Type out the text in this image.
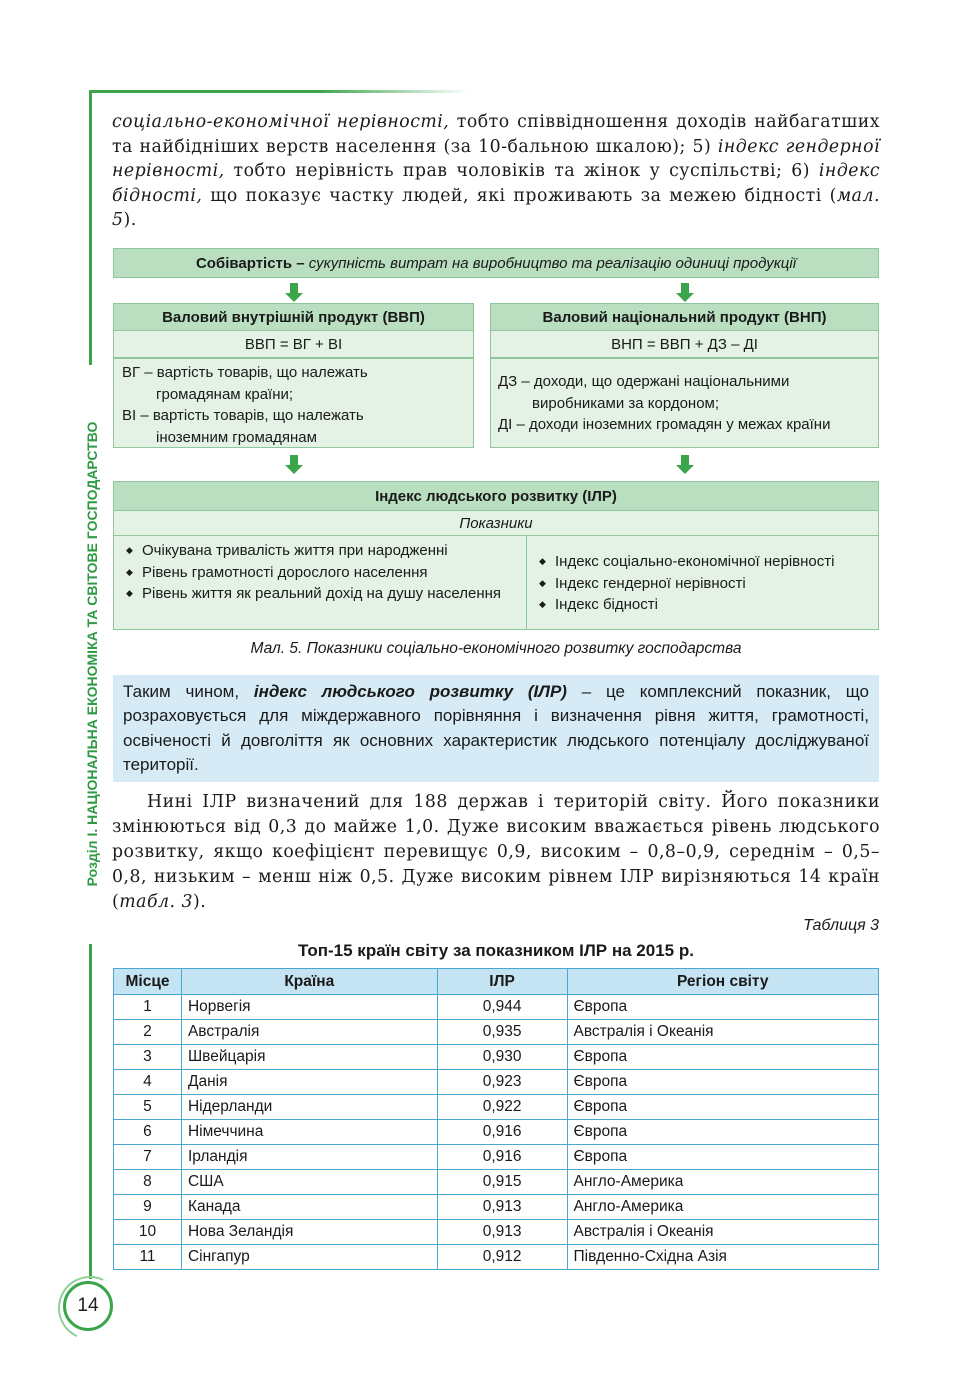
Розділ I. НАЦІОНАЛЬНА ЕКОНОМІКА ТА СВІТОВЕ ГОСПОДАРСТВО
14
соціально-економічної нерівності, тобто співвідношення доходів найбагатших та найбідніших верств населення (за 10-бальною шкалою); 5) індекс гендерної нерівності, тобто нерівність прав чоловіків та жінок у суспільстві; 6) індекс бідності, що показує частку людей, які проживають за межею бідності (мал. 5).
Собівартість – сукупність витрат на виробництво та реалізацію одиниці продукції
Валовий внутрішній продукт (ВВП)
ВВП = ВГ + ВІ
ВГ – вартість товарів, що належать
громадянам країни;
ВІ – вартість товарів, що належать
іноземним громадянам
Валовий національний продукт (ВНП)
ВНП = ВВП + ДЗ – ДІ
ДЗ – доходи, що одержані національними
виробниками за кордоном;
ДІ – доходи іноземних громадян у межах країни
Індекс людського розвитку (ІЛР)
Показники
◆ Очікувана тривалість життя при народженні
◆ Рівень грамотності дорослого населення
◆ Рівень життя як реальний дохід на душу населення
◆ Індекс соціально-економічної нерівності
◆ Індекс гендерної нерівності
◆ Індекс бідності
Мал. 5. Показники соціально-економічного розвитку господарства
Таким чином, індекс людського розвитку (ІЛР) – це комплексний показник, що розраховується для міждержавного порівняння і визначення рівня життя, грамотності, освіченості й довголіття як основних характеристик людського потенціалу досліджуваної території.
Нині ІЛР визначений для 188 держав і територій світу. Його показники змінюються від 0,3 до майже 1,0. Дуже високим вважається рівень людського розвитку, якщо коефіцієнт перевищує 0,9, високим – 0,8–0,9, середнім – 0,5–0,8, низьким – менш ніж 0,5. Дуже високим рівнем ІЛР вирізняються 14 країн (табл. 3).
Таблиця 3
Топ-15 країн світу за показником ІЛР на 2015 р.
Місце	Країна	ІЛР	Регіон світу
1	Норвегія	0,944	Європа
2	Австралія	0,935	Австралія і Океанія
3	Швейцарія	0,930	Європа
4	Данія	0,923	Європа
5	Нідерланди	0,922	Європа
6	Німеччина	0,916	Європа
7	Ірландія	0,916	Європа
8	США	0,915	Англо-Америка
9	Канада	0,913	Англо-Америка
10	Нова Зеландія	0,913	Австралія і Океанія
11	Сінгапур	0,912	Південно-Східна Азія
